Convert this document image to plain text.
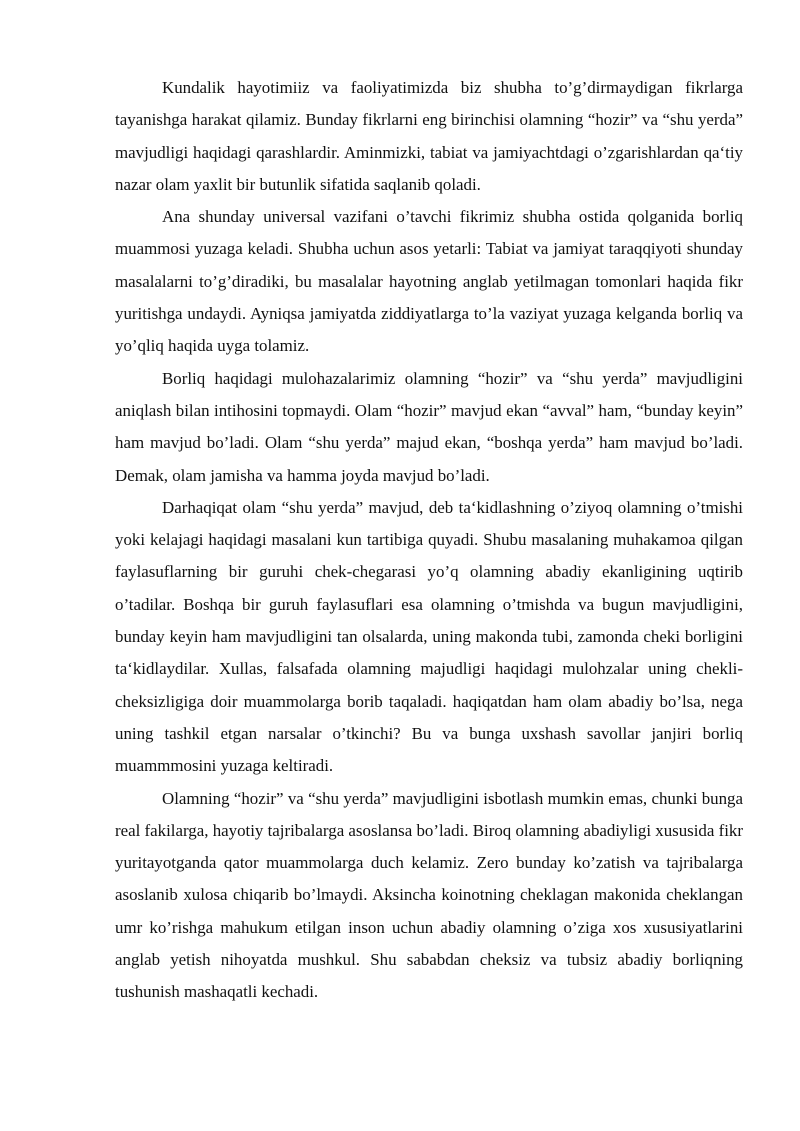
Kundalik hayotimiiz va faoliyatimizda biz shubha to’g’dirmaydigan fikrlarga tayanishga harakat qilamiz. Bunday fikrlarni eng birinchisi olamning “hozir” va “shu yerda” mavjudligi haqidagi qarashlardir. Aminmizki, tabiat va jamiyachtdagi o’zgarishlardan qa‘tiy nazar olam yaxlit bir butunlik sifatida saqlanib qoladi.

Ana shunday universal vazifani o’tavchi fikrimiz shubha ostida qolganida borliq muammosi yuzaga keladi. Shubha uchun asos yetarli: Tabiat va jamiyat taraqqiyoti shunday masalalarni to’g’diradiki, bu masalalar hayotning anglab yetilmagan tomonlari haqida fikr yuritishga undaydi. Ayniqsa jamiyatda ziddiyatlarga to’la vaziyat yuzaga kelganda borliq va yo’qliq haqida uyga tolamiz.

Borliq haqidagi mulohazalarimiz olamning “hozir” va “shu yerda” mavjudligini aniqlash bilan intihosini topmaydi. Olam “hozir” mavjud ekan “avval” ham, “bunday keyin” ham mavjud bo’ladi. Olam “shu yerda” majud ekan, “boshqa yerda” ham mavjud bo’ladi. Demak, olam jamisha va hamma joyda mavjud bo’ladi.

Darhaqiqat olam “shu yerda” mavjud, deb ta‘kidlashning o’ziyoq olamning o’tmishi yoki kelajagi haqidagi masalani kun tartibiga quyadi. Shubu masalaning muhakamoa qilgan faylasuflarning bir guruhi chek-chegarasi yo’q olamning abadiy ekanligining uqtirib o’tadilar. Boshqa bir guruh faylasuflari esa olamning o’tmishda va bugun mavjudligini, bunday keyin ham mavjudligini tan olsalarda, uning makonda tubi, zamonda cheki borligini ta‘kidlaydilar. Xullas, falsafada olamning majudligi haqidagi mulohzalar uning chekli-cheksizligiga doir muammolarga borib taqaladi. haqiqatdan ham olam abadiy bo’lsa, nega uning tashkil etgan narsalar o’tkinchi? Bu va bunga uxshash savollar janjiri borliq muammmosini yuzaga keltiradi.

Olamning “hozir” va “shu yerda” mavjudligini isbotlash mumkin emas, chunki bunga real fakilarga, hayotiy tajribalarga asoslansa bo’ladi. Biroq olamning abadiyligi xususida fikr yuritayotganda qator muammolarga duch kelamiz. Zero bunday ko’zatish va tajribalarga asoslanib xulosa chiqarib bo’lmaydi. Aksincha koinotning cheklagan makonida cheklangan umr ko’rishga mahukum etilgan inson uchun abadiy olamning o’ziga xos xususiyatlarini anglab yetish nihoyatda mushkul. Shu sababdan cheksiz va tubsiz abadiy borliqning tushunish mashaqatli kechadi.
